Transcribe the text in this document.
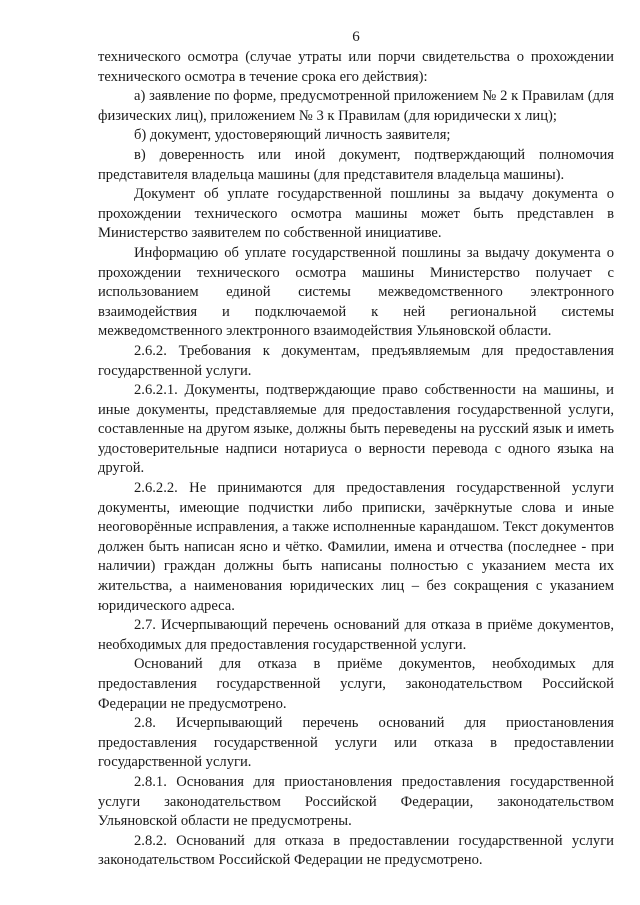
6

технического осмотра (случае утраты или порчи свидетельства о прохождении технического осмотра в течение срока его действия):

а) заявление по форме, предусмотренной приложением № 2 к Правилам (для физических лиц), приложением № 3 к Правилам (для юридически х лиц);

б) документ, удостоверяющий личность заявителя;

в) доверенность или иной документ, подтверждающий полномочия представителя владельца машины (для представителя владельца машины).

Документ об уплате государственной пошлины за выдачу документа о прохождении технического осмотра машины может быть представлен в Министерство заявителем по собственной инициативе.

Информацию об уплате государственной пошлины за выдачу документа о прохождении технического осмотра машины Министерство получает с использованием единой системы межведомственного электронного взаимодействия и подключаемой к ней региональной системы межведомственного электронного взаимодействия Ульяновской области.

2.6.2. Требования к документам, предъявляемым для предоставления государственной услуги.

2.6.2.1. Документы, подтверждающие право собственности на машины, и иные документы, представляемые для предоставления государственной услуги, составленные на другом языке, должны быть переведены на русский язык и иметь удостоверительные надписи нотариуса о верности перевода с одного языка на другой.

2.6.2.2. Не принимаются для предоставления государственной услуги документы, имеющие подчистки либо приписки, зачёркнутые слова и иные неоговорённые исправления, а также исполненные карандашом. Текст документов должен быть написан ясно и чётко. Фамилии, имена и отчества (последнее - при наличии) граждан должны быть написаны полностью с указанием места их жительства, а наименования юридических лиц – без сокращения с указанием юридического адреса.

2.7. Исчерпывающий перечень оснований для отказа в приёме документов, необходимых для предоставления государственной услуги.

Оснований для отказа в приёме документов, необходимых для предоставления государственной услуги, законодательством Российской Федерации не предусмотрено.

2.8. Исчерпывающий перечень оснований для приостановления предоставления государственной услуги или отказа в предоставлении государственной услуги.

2.8.1. Основания для приостановления предоставления государственной услуги законодательством Российской Федерации, законодательством Ульяновской области не предусмотрены.

2.8.2. Оснований для отказа в предоставлении государственной услуги законодательством Российской Федерации не предусмотрено.
